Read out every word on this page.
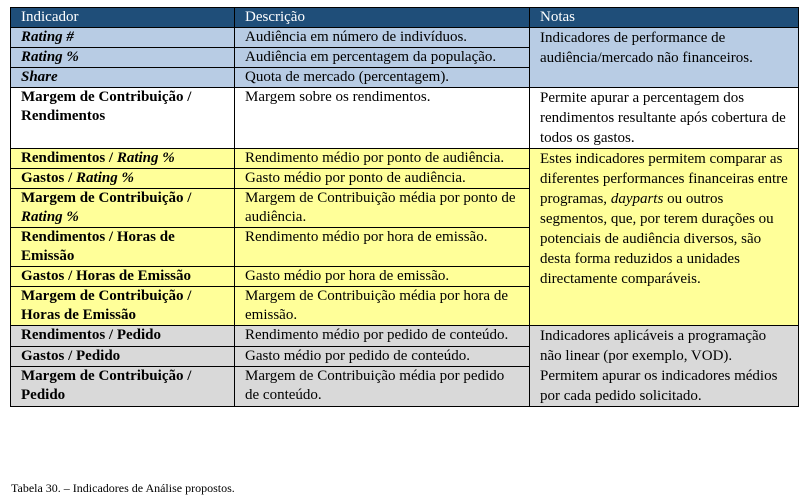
Indicador	Descrição	Notas
Rating #	Audiência em número de indivíduos.	Indicadores de performance de audiência/mercado não financeiros.
Rating %	Audiência em percentagem da população.	
Share	Quota de mercado (percentagem).	
Margem de Contribuição / Rendimentos	Margem sobre os rendimentos.	Permite apurar a percentagem dos rendimentos resultante após cobertura de todos os gastos.
Rendimentos / Rating %	Rendimento médio por ponto de audiência.	Estes indicadores permitem comparar as diferentes performances financeiras entre programas, dayparts ou outros segmentos, que, por terem durações ou potenciais de audiência diversos, são desta forma reduzidos a unidades directamente comparáveis.
Gastos / Rating %	Gasto médio por ponto de audiência.	
Margem de Contribuição / Rating %	Margem de Contribuição média por ponto de audiência.	
Rendimentos / Horas de Emissão	Rendimento médio por hora de emissão.	
Gastos / Horas de Emissão	Gasto médio por hora de emissão.	
Margem de Contribuição / Horas de Emissão	Margem de Contribuição média por hora de emissão.	
Rendimentos / Pedido	Rendimento médio por pedido de conteúdo.	Indicadores aplicáveis a programação não linear (por exemplo, VOD). Permitem apurar os indicadores médios por cada pedido solicitado.
Gastos / Pedido	Gasto médio por pedido de conteúdo.	
Margem de Contribuição / Pedido	Margem de Contribuição média por pedido de conteúdo.	
Tabela 30. – Indicadores de Análise propostos.
